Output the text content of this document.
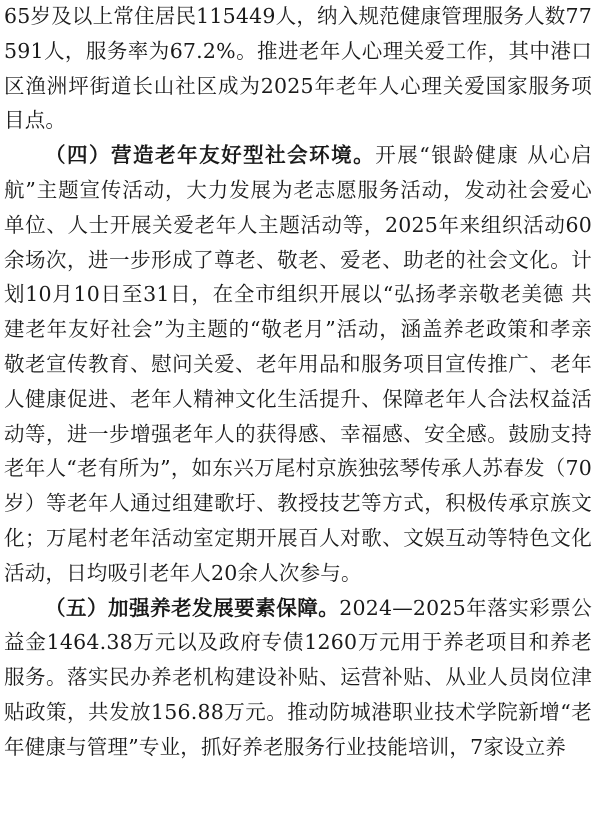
65岁及以上常住居民115449人，纳入规范健康管理服务人数77591人，服务率为67.2%。推进老年人心理关爱工作，其中港口区渔洲坪街道长山社区成为2025年老年人心理关爱国家服务项目点。

（四）营造老年友好型社会环境。开展“银龄健康 从心启航”主题宣传活动，大力发展为老志愿服务活动，发动社会爱心单位、人士开展关爱老年人主题活动等，2025年来组织活动60余场次，进一步形成了尊老、敬老、爱老、助老的社会文化。计划10月10日至31日，在全市组织开展以“弘扬孝亲敬老美德 共建老年友好社会”为主题的“敬老月”活动，涵盖养老政策和孝亲敬老宣传教育、慰问关爱、老年用品和服务项目宣传推广、老年人健康促进、老年人精神文化生活提升、保障老年人合法权益活动等，进一步增强老年人的获得感、幸福感、安全感。鼓励支持老年人“老有所为”，如东兴万尾村京族独弦琴传承人苏春发（70岁）等老年人通过组建歌圩、教授技艺等方式，积极传承京族文化；万尾村老年活动室定期开展百人对歌、文娱互动等特色文化活动，日均吸引老年人20余人次参与。

（五）加强养老发展要素保障。2024—2025年落实彩票公益金1464.38万元以及政府专债1260万元用于养老项目和养老服务。落实民办养老机构建设补贴、运营补贴、从业人员岗位津贴政策，共发放156.88万元。推动防城港职业技术学院新增“老年健康与管理”专业，抓好养老服务行业技能培训，7家设立养
